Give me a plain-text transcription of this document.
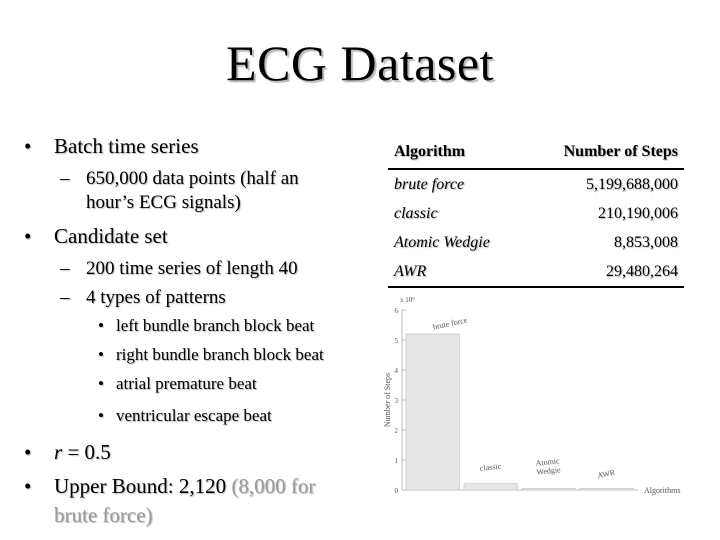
ECG Dataset
• Batch time series
– 650,000 data points (half an
hour’s ECG signals)
• Candidate set
– 200 time series of length 40
– 4 types of patterns
• left bundle branch block beat
• right bundle branch block beat
• atrial premature beat
• ventricular escape beat
• r = 0.5
• Upper Bound: 2,120 (8,000 for
brute force)
Algorithm	Number of Steps
brute force	5,199,688,000
classic	210,190,006
Atomic Wedgie	8,853,008
AWR	29,480,264
0
1
2
3
4
5
6
x 10⁹
Number of Steps
brute force
classic	Atomic
Wedgie	AWR
Algorithms
